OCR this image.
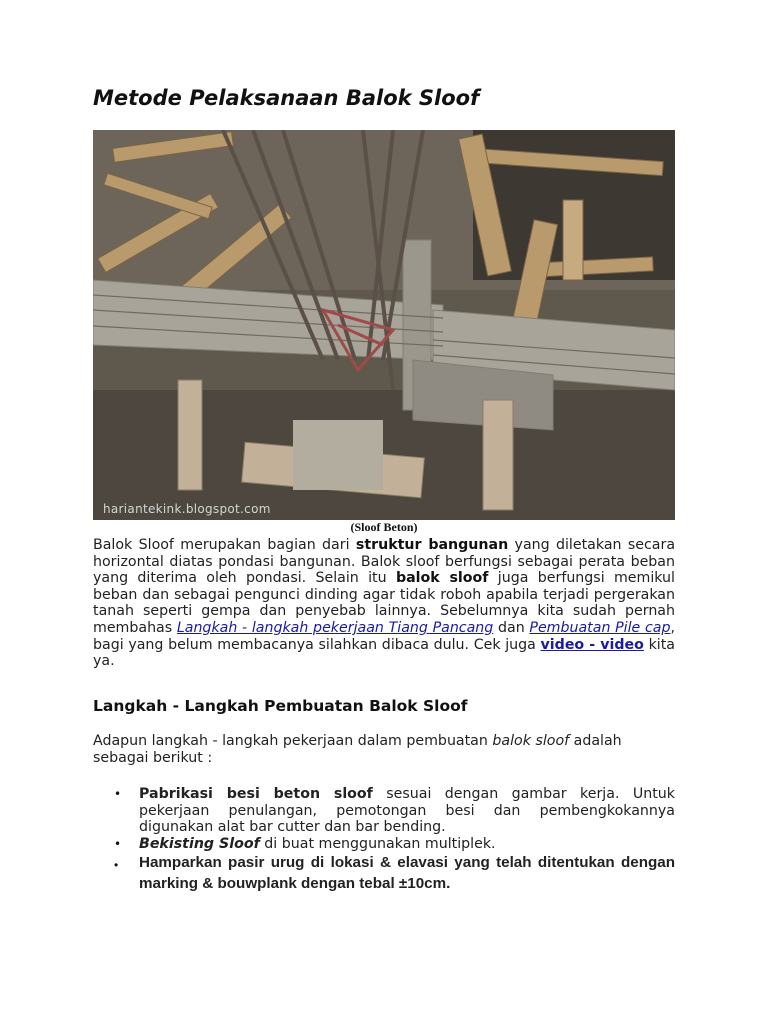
Metode Pelaksanaan Balok Sloof
hariantekink.blogspot.com
(Sloof Beton)

Balok Sloof merupakan bagian dari struktur bangunan yang diletakan secara horizontal diatas pondasi bangunan. Balok sloof berfungsi sebagai perata beban yang diterima oleh pondasi. Selain itu balok sloof juga berfungsi memikul beban dan sebagai pengunci dinding agar tidak roboh apabila terjadi pergerakan tanah seperti gempa dan penyebab lainnya. Sebelumnya kita sudah pernah membahas Langkah - langkah pekerjaan Tiang Pancang dan Pembuatan Pile cap, bagi yang belum membacanya silahkan dibaca dulu. Cek juga video - video kita ya.

Langkah - Langkah Pembuatan Balok Sloof

Adapun langkah - langkah pekerjaan dalam pembuatan balok sloof adalah sebagai berikut :

• Pabrikasi besi beton sloof sesuai dengan gambar kerja. Untuk pekerjaan penulangan, pemotongan besi dan pembengkokannya digunakan alat bar cutter dan bar bending.
• Bekisting Sloof di buat menggunakan multiplek.
• Hamparkan pasir urug di lokasi & elavasi yang telah ditentukan dengan marking & bouwplank dengan tebal ±10cm.
